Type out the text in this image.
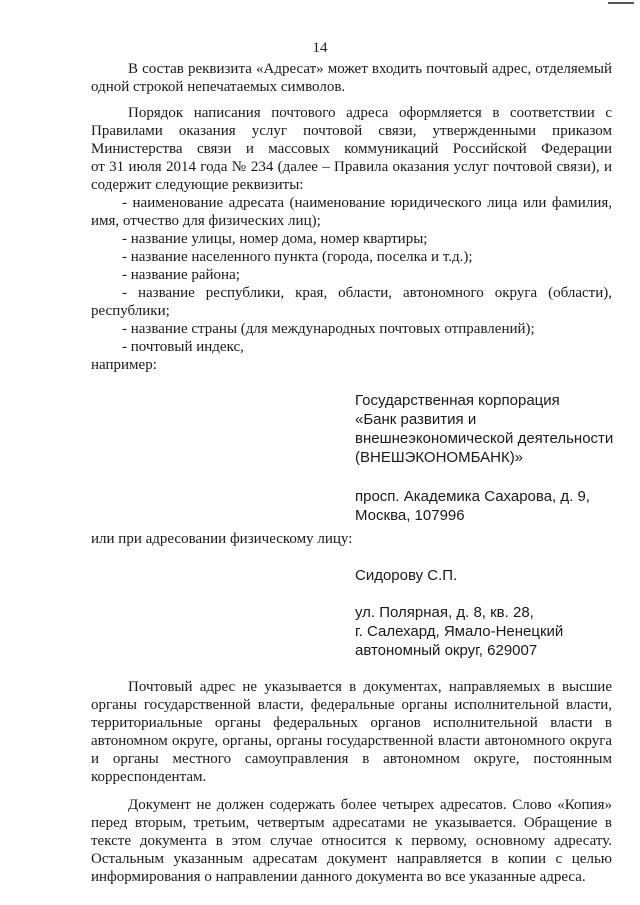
14
В состав реквизита «Адресат» может входить почтовый адрес, отделяемый
одной строкой непечатаемых символов.
Порядок написания почтового адреса оформляется в соответствии с
Правилами оказания услуг почтовой связи, утвержденными приказом
Министерства связи и массовых коммуникаций Российской Федерации
от 31 июля 2014 года № 234 (далее – Правила оказания услуг почтовой связи), и
содержит следующие реквизиты:
- наименование адресата (наименование юридического лица или фамилия,
имя, отчество для физических лиц);
- название улицы, номер дома, номер квартиры;
- название населенного пункта (города, поселка и т.д.);
- название района;
- название республики, края, области, автономного округа (области),
республики;
- название страны (для международных почтовых отправлений);
- почтовый индекс,
например:
Государственная корпорация
«Банк развития и
внешнеэкономической деятельности
(ВНЕШЭКОНОМБАНК)»
просп. Академика Сахарова, д. 9,
Москва, 107996
или при адресовании физическому лицу:
Сидорову С.П.
ул. Полярная, д. 8, кв. 28,
г. Салехард, Ямало-Ненецкий
автономный округ, 629007
Почтовый адрес не указывается в документах, направляемых в высшие
органы государственной власти, федеральные органы исполнительной власти,
территориальные органы федеральных органов исполнительной власти в
автономном округе, органы, органы государственной власти автономного округа
и органы местного самоуправления в автономном округе, постоянным
корреспондентам.
Документ не должен содержать более четырех адресатов. Слово «Копия»
перед вторым, третьим, четвертым адресатами не указывается. Обращение в
тексте документа в этом случае относится к первому, основному адресату.
Остальным указанным адресатам документ направляется в копии с целью
информирования о направлении данного документа во все указанные адреса.
